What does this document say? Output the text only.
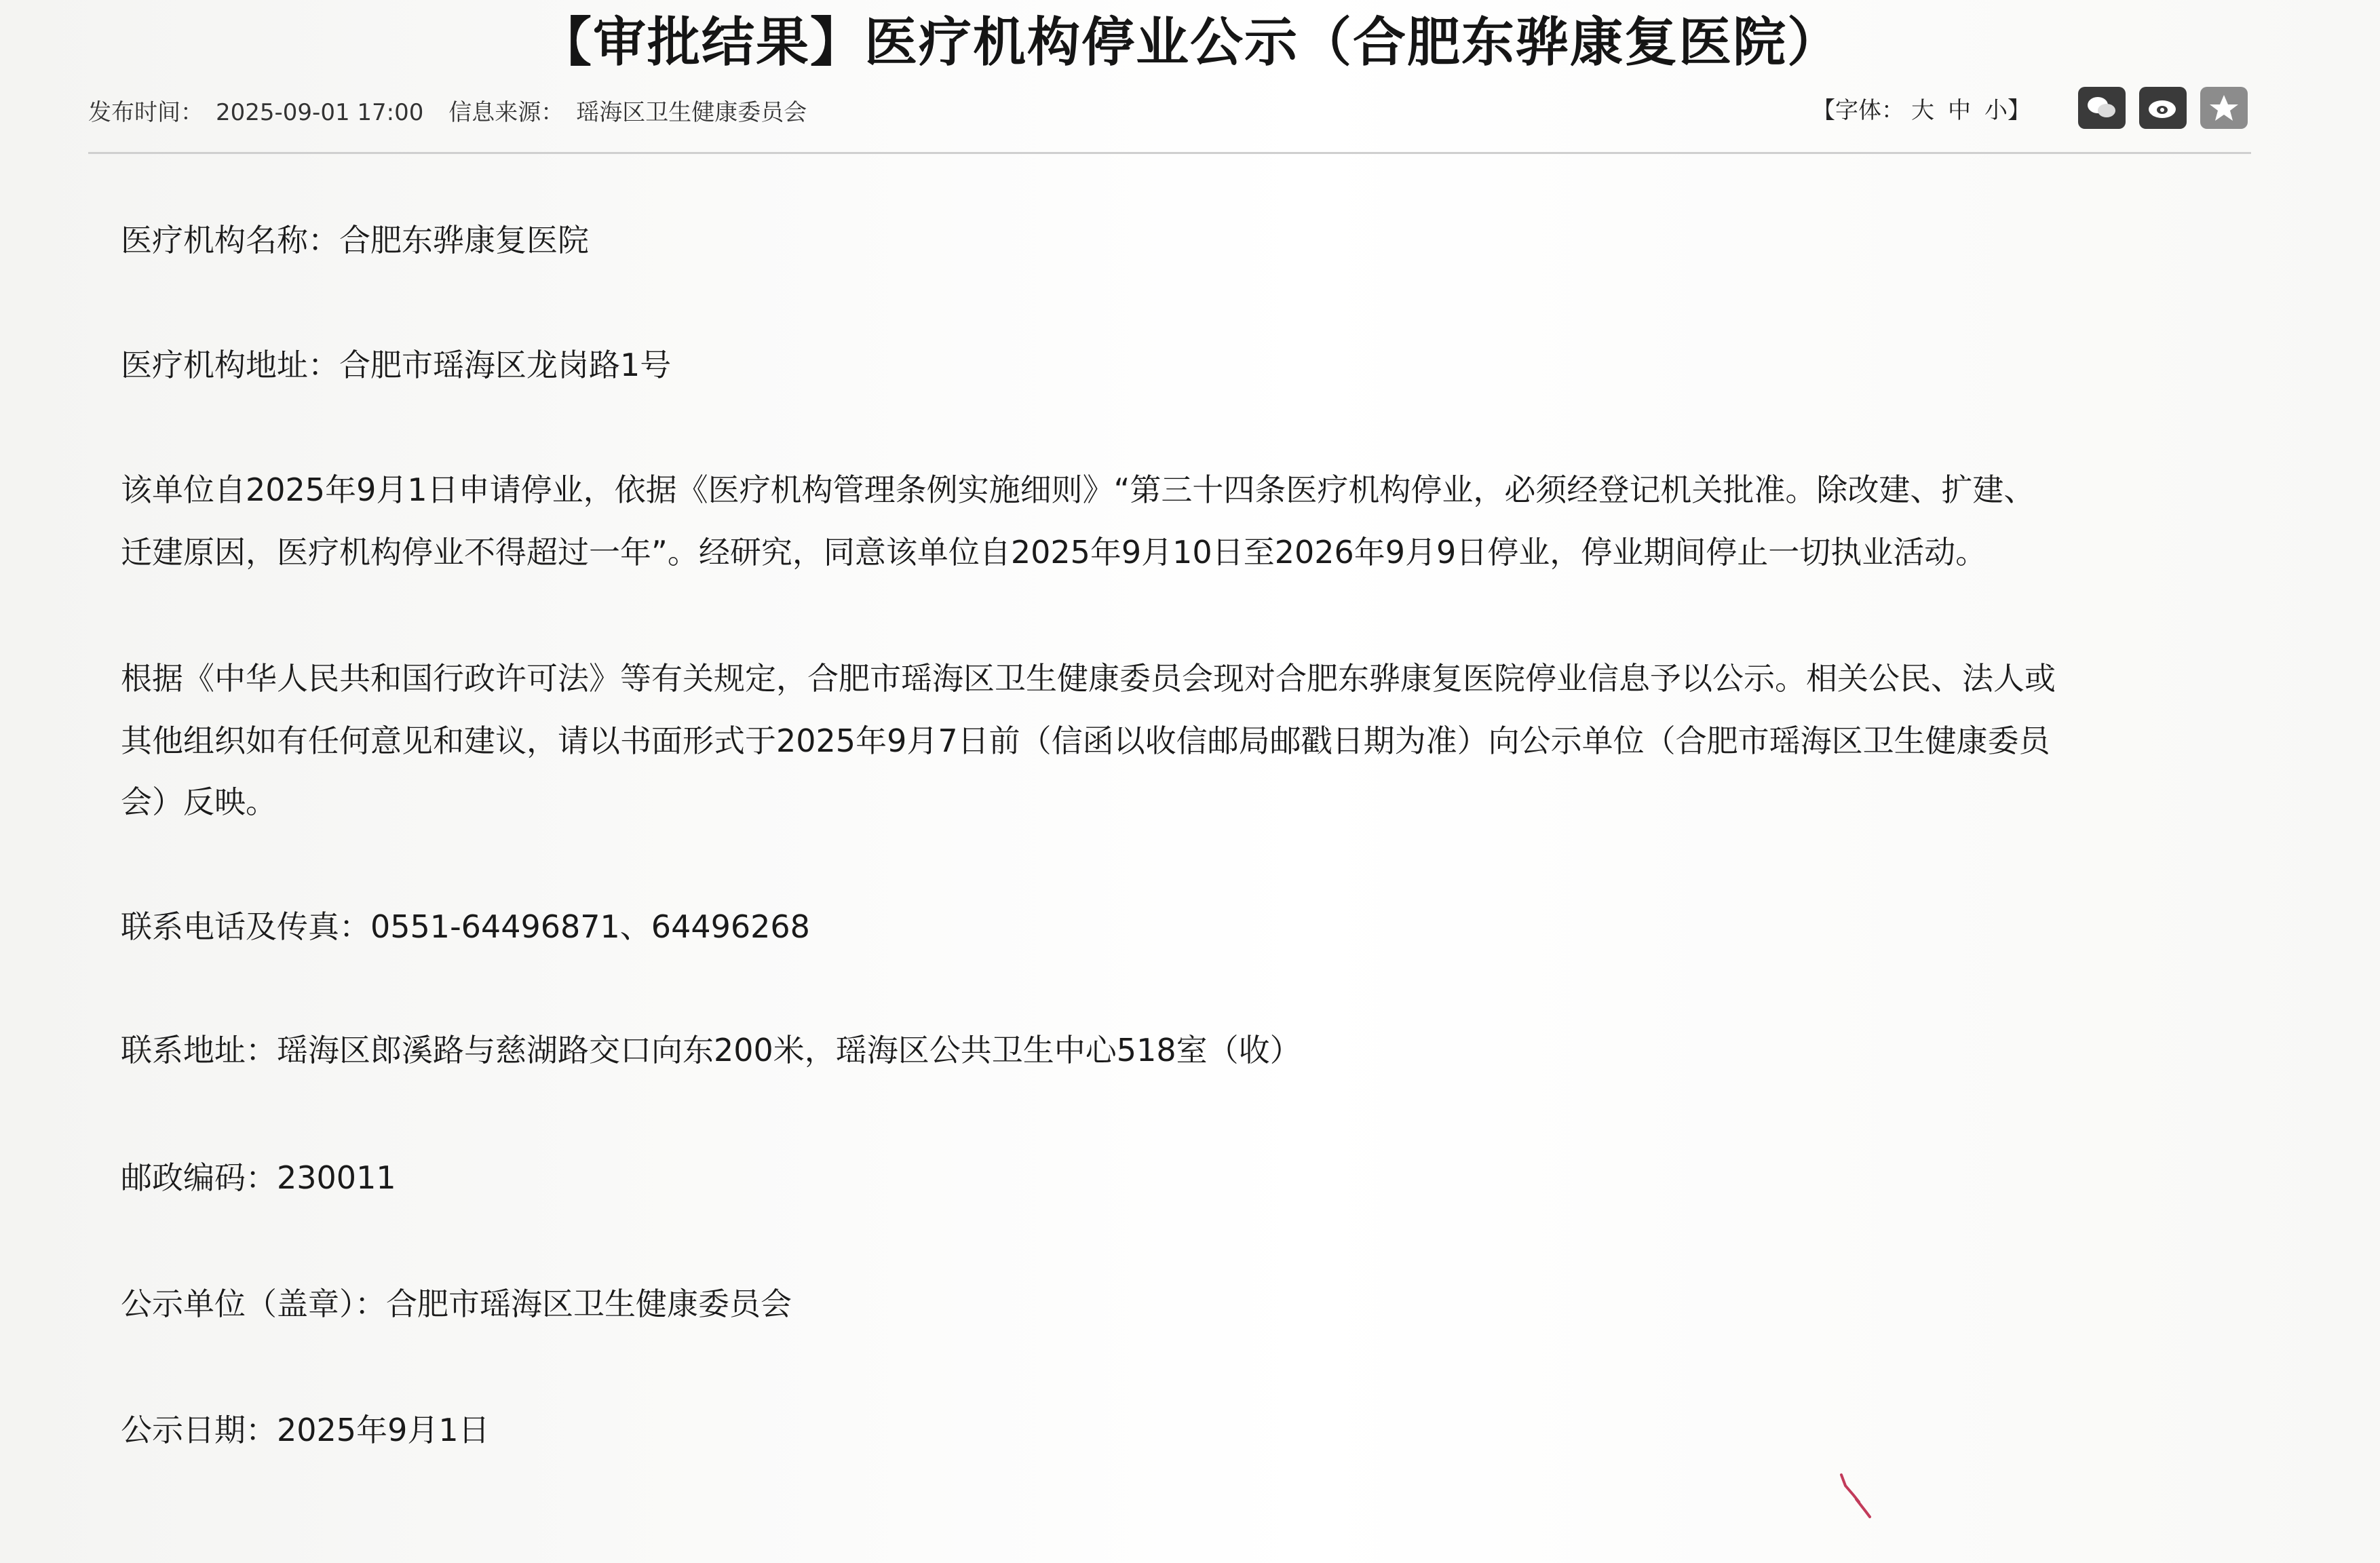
【审批结果】医疗机构停业公示（合肥东骅康复医院）
发布时间： 2025-09-01 17:00 信息来源： 瑶海区卫生健康委员会	【字体： 大 中 小】
医疗机构名称：合肥东骅康复医院
医疗机构地址：合肥市瑶海区龙岗路1号
该单位自2025年9月1日申请停业，依据《医疗机构管理条例实施细则》“第三十四条医疗机构停业，必须经登记机关批准。除改建、扩建、
迁建原因，医疗机构停业不得超过一年”。经研究，同意该单位自2025年9月10日至2026年9月9日停业，停业期间停止一切执业活动。
根据《中华人民共和国行政许可法》等有关规定，合肥市瑶海区卫生健康委员会现对合肥东骅康复医院停业信息予以公示。相关公民、法人或
其他组织如有任何意见和建议，请以书面形式于2025年9月7日前（信函以收信邮局邮戳日期为准）向公示单位（合肥市瑶海区卫生健康委员
会）反映。
联系电话及传真：0551-64496871、64496268
联系地址：瑶海区郎溪路与慈湖路交口向东200米，瑶海区公共卫生中心518室（收）
邮政编码：230011
公示单位（盖章）：合肥市瑶海区卫生健康委员会
公示日期：2025年9月1日
